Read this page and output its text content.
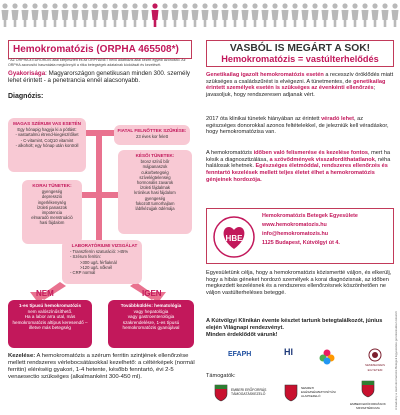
Hemokromatózis (ORPHA 465508*)
* AZ ORPHA a EURORDIS által kifejlesztett és az ORPHANET nevű adatbázis által kezelt egyedi azonosító. Az ORPHA azonosító használata megkönnyíti a ritka betegségek adatainak kódolását és kezelését.
Gyakorisága: Magyarországon genetikusan minden 300. személy lehet érintett - a penetrancia ennél alacsonyabb.
Diagnózis:
MAGAS SZÉRUM VAS ESETÉN
Egy hónapig hagyja ki a pótlást:
- vastartalmú étrend-kiegészítőket
- C-vitamint, CoQ10 vitamint
- alkoholt; egy hónap után kontroll
FIATAL FELNŐTTEK SZŰRÉSE:
23 éves kor felett
KORAI TÜNETEK:
gyengeség
depresszió
ingerlékenység
ízületi panaszok
impotencia
elmaradó menstruáció
hasi fájdalom
KÉSŐI TÜNETEK:
bronz színű bőr
májpanaszok
cukorbetegség
szívelégtelenség
hormonális zavarok
ízületi fájdalmak
krónikus hasi fájdalom
gyengeség
fokozott tumorhajlam
láb/kézujjak ödémája
LABORATÓRIUMI VIZSGÁLAT
- Transzferrin szaturáció: >45%
- Szérum ferritin:
>300 ug/L férfiaknál
>120 ug/L nőknél
- CRP normál
NEM	IGEN
1-es típusú hemokromatózis
nem valószínűsíthető.
Ha a labor arra utal, más hemokromatózis altípus keresendő – illetve más betegség
Továbbküldés: hematológia
vagy hepatológia
vagy gastroenterológia szakrendelésre, 1-es típusú hemokromatózis gyanújával
Kezelése: A hemokromatózis a szérum ferritin szintjének ellenőrzése mellett rendszeres vérlebocsátásokkal kezelhető: a céltérképek (normál ferritin) eléréséig gyakori, 1-4 hetente, később fenntartó, évi 2-5 venaesectio szükséges (alkalmanként 300-450 ml).
VASBÓL IS MEGÁRT A SOK!
Hemokromatózis = vastúlterhelődés
Genetikailag igazolt hemokromatózis esetén a recesszív öröklődés miatt szükséges a családszűrést is elvégezni. A tünetmentes, de genetikailag érintett személyek esetén is szükséges az évenkénti ellenőrzés; javasoljuk, hogy rendszeresen adjanak vért.
2017 óta klinikai tünetek hiányában az érintett véradó lehet, az egészséges donorokkal azonos feltételekkel, de jelezniük kell véradáskor, hogy hemokromatózisa van.
A hemokromatózis időben való felismerése és kezelése fontos, mert ha késik a diagnosztizálása, a szövődmények visszafordíthatatlanok, néha halálosak lehetnek. Egészséges életmóddal, rendszeres ellenőrzés és fenntartó kezelések mellett teljes életet élhet a hemokromatózis génjeinek hordozója.
HBE
Hemokromatózis Betegek Egyesülete
www.hemokromatozis.hu
info@hemokromatozis.hu
1125 Budapest, Kútvölgyi út 4.
Egyesületünk célja, hogy a hemokromatózis közismertté váljon, és elkerülj, hogy a hibás géneket hordozó személyek a korai diagnózisnak, az időben megkezdett kezelésnek és a rendszeres ellenőrzésnek köszönhetően ne váljon vastúlterheléses beteggé.
A Kútvölgyi Klinikán évente késztet tartunk betegtalálkozót, június elején Világnapi rendezvényt.
Minden érdeklődőt várunk!
EFAPH	HI
SEMMELWEIS EGYETEM
Támogatók:
EMBERI ERŐFORRÁS TÁMOGATÁSKEZELŐ
NEMZETI EGÉSZSÉGBIZTOSÍTÁSI ALAPKEZELŐ
EMBERI ERŐFORRÁSOK MINISZTÉRIUMA	A kiadvány a Hemokromatózis Betegek Egyesülete gondozásában készült
